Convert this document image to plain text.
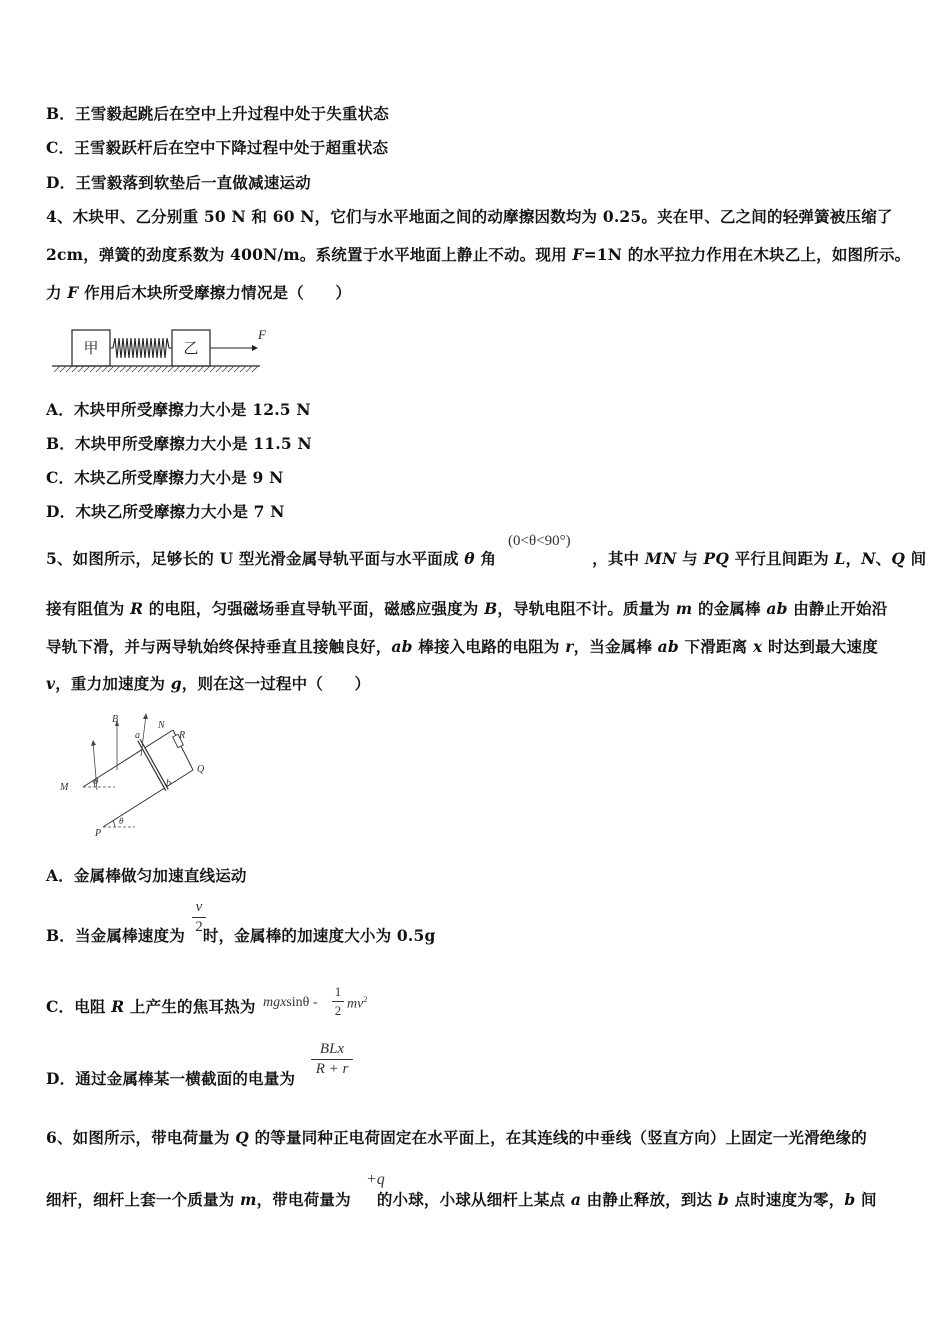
B．王雪毅起跳后在空中上升过程中处于失重状态
C．王雪毅跃杆后在空中下降过程中处于超重状态
D．王雪毅落到软垫后一直做减速运动
4、木块甲、乙分别重 50 N 和 60 N，它们与水平地面之间的动摩擦因数均为 0.25。夹在甲、乙之间的轻弹簧被压缩了
2cm，弹簧的劲度系数为 400N/m。系统置于水平地面上静止不动。现用 F=1N 的水平拉力作用在木块乙上，如图所示。
力 F 作用后木块所受摩擦力情况是（　　）
甲	乙
F
A．木块甲所受摩擦力大小是 12.5 N
B．木块甲所受摩擦力大小是 11.5 N
C．木块乙所受摩擦力大小是 9 N
D．木块乙所受摩擦力大小是 7 N
5、如图所示，足够长的 U 型光滑金属导轨平面与水平面成 θ 角	，其中 MN 与 PQ 平行且间距为 L，N、Q 间
(0<θ<90°)
接有阻值为 R 的电阻，匀强磁场垂直导轨平面，磁感应强度为 B，导轨电阻不计。质量为 m 的金属棒 ab 由静止开始沿
导轨下滑，并与两导轨始终保持垂直且接触良好，ab 棒接入电路的电阻为 r，当金属棒 ab 下滑距离 x 时达到最大速度
v，重力加速度为 g，则在这一过程中（　　）
B
a
N
R
Q
M
θ	b
P
θ
A．金属棒做匀加速直线运动
B．当金属棒速度为 时，金属棒的加速度大小为 0.5g
v
2
C．电阻 R 上产生的焦耳热为 mgxsinθ -
1
2 $mv^2$
D．通过金属棒某一横截面的电量为
BLx
R + r
6、如图所示，带电荷量为 Q 的等量同种正电荷固定在水平面上，在其连线的中垂线（竖直方向）上固定一光滑绝缘的
细杆，细杆上套一个质量为 m，带电荷量为 的小球，小球从细杆上某点 a 由静止释放，到达 b 点时速度为零，b 间
+q
